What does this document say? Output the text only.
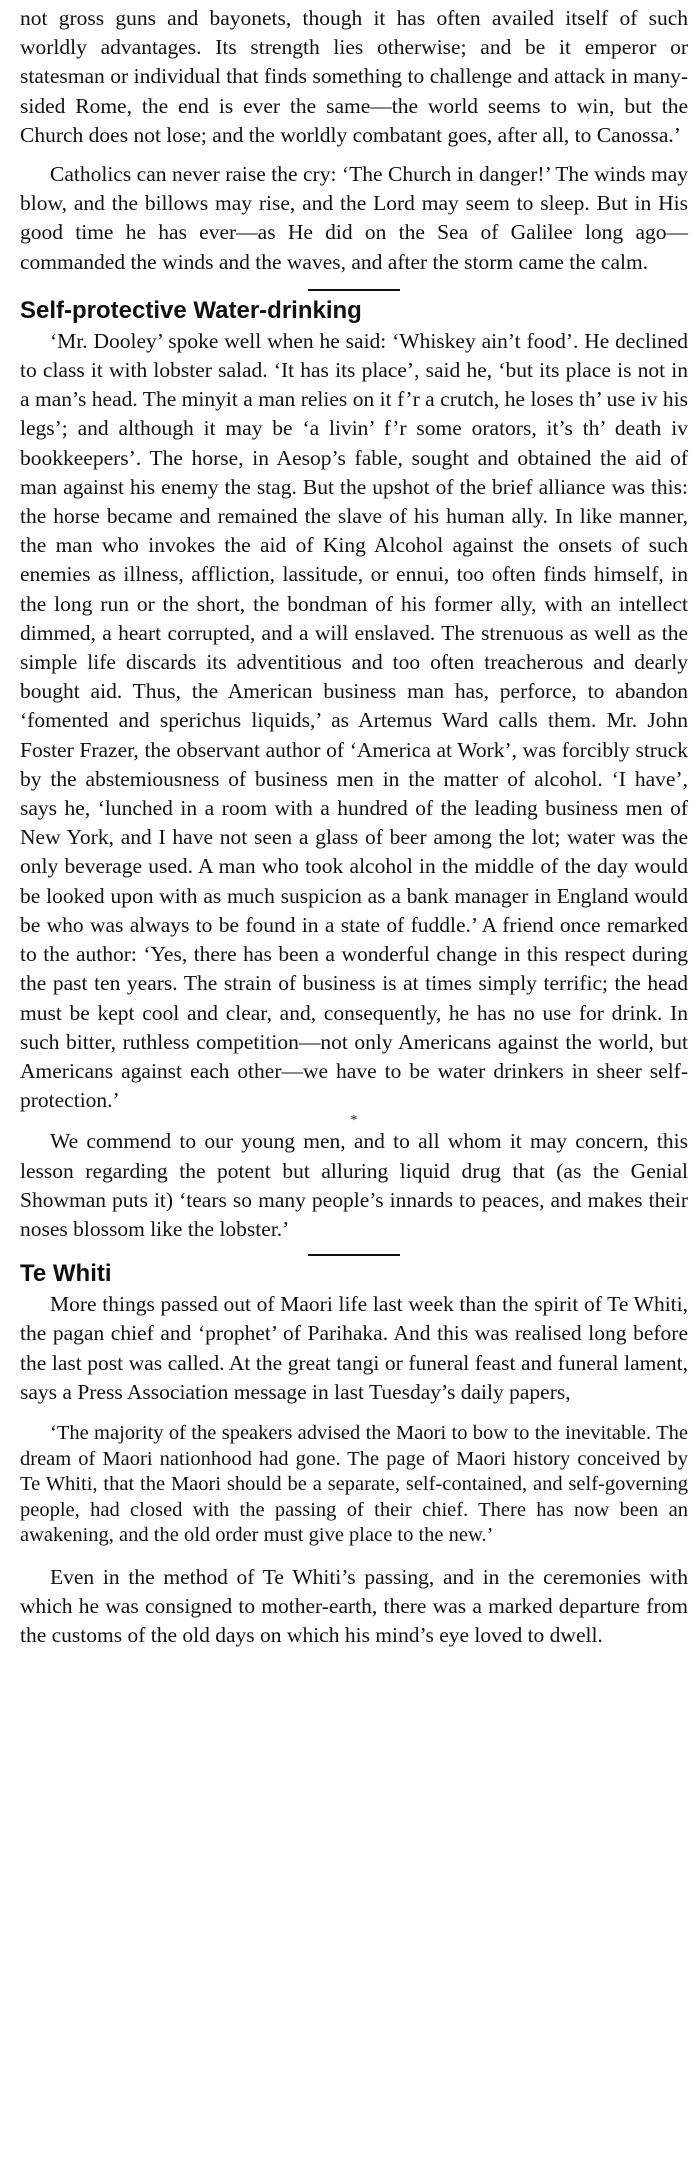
not gross guns and bayonets, though it has often availed itself of such worldly advantages. Its strength lies otherwise; and be it emperor or statesman or individual that finds something to challenge and attack in many-sided Rome, the end is ever the same—the world seems to win, but the Church does not lose; and the worldly combatant goes, after all, to Canossa.’

Catholics can never raise the cry: ‘The Church in danger!’ The winds may blow, and the billows may rise, and the Lord may seem to sleep. But in His good time he has ever—as He did on the Sea of Galilee long ago—commanded the winds and the waves, and after the storm came the calm.

Self-protective Water-drinking

‘Mr. Dooley’ spoke well when he said: ‘Whiskey ain’t food’. He declined to class it with lobster salad. ‘It has its place’, said he, ‘but its place is not in a man’s head. The minyit a man relies on it f’r a crutch, he loses th’ use iv his legs’; and although it may be ‘a livin’ f’r some orators, it’s th’ death iv bookkeepers’. The horse, in Aesop’s fable, sought and obtained the aid of man against his enemy the stag. But the upshot of the brief alliance was this: the horse became and remained the slave of his human ally. In like manner, the man who invokes the aid of King Alcohol against the onsets of such enemies as illness, affliction, lassitude, or ennui, too often finds himself, in the long run or the short, the bondman of his former ally, with an intellect dimmed, a heart corrupted, and a will enslaved. The strenuous as well as the simple life discards its adventitious and too often treacherous and dearly bought aid. Thus, the American business man has, perforce, to abandon ‘fomented and sperichus liquids,’ as Artemus Ward calls them. Mr. John Foster Frazer, the observant author of ‘America at Work’, was forcibly struck by the abstemiousness of business men in the matter of alcohol. ‘I have’, says he, ‘lunched in a room with a hundred of the leading business men of New York, and I have not seen a glass of beer among the lot; water was the only beverage used. A man who took alcohol in the middle of the day would be looked upon with as much suspicion as a bank manager in England would be who was always to be found in a state of fuddle.’ A friend once remarked to the author: ‘Yes, there has been a wonderful change in this respect during the past ten years. The strain of business is at times simply terrific; the head must be kept cool and clear, and, consequently, he has no use for drink. In such bitter, ruthless competition—not only Americans against the world, but Americans against each other—we have to be water drinkers in sheer self-protection.’

*

We commend to our young men, and to all whom it may concern, this lesson regarding the potent but alluring liquid drug that (as the Genial Showman puts it) ‘tears so many people’s innards to peaces, and makes their noses blossom like the lobster.’

Te Whiti

More things passed out of Maori life last week than the spirit of Te Whiti, the pagan chief and ‘prophet’ of Parihaka. And this was realised long before the last post was called. At the great tangi or funeral feast and funeral lament, says a Press Association message in last Tuesday’s daily papers,

‘The majority of the speakers advised the Maori to bow to the inevitable. The dream of Maori nationhood had gone. The page of Maori history conceived by Te Whiti, that the Maori should be a separate, self-contained, and self-governing people, had closed with the passing of their chief. There has now been an awakening, and the old order must give place to the new.’

Even in the method of Te Whiti’s passing, and in the ceremonies with which he was consigned to mother-earth, there was a marked departure from the customs of the old days on which his mind’s eye loved to dwell.
